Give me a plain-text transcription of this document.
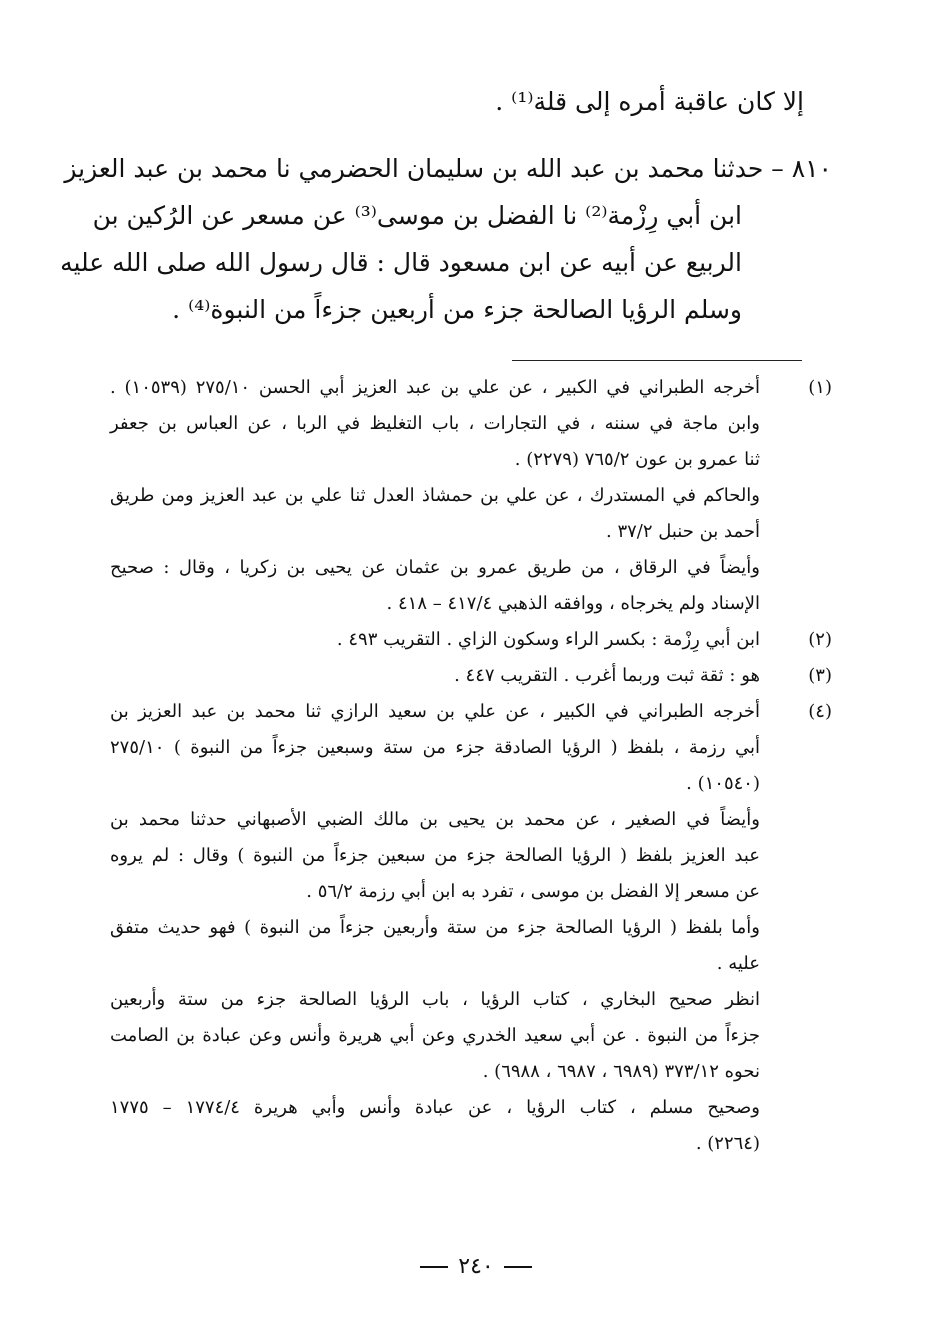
إلا كان عاقبة أمره إلى قلة⁽¹⁾ .
٨١٠ – حدثنا محمد بن عبد الله بن سليمان الحضرمي نا محمد بن عبد العزيز
ابن أبي رِزْمة⁽²⁾ نا الفضل بن موسى⁽³⁾ عن مسعر عن الرُكين بن
الربيع عن أبيه عن ابن مسعود قال : قال رسول الله صلى الله عليه
وسلم الرؤيا الصالحة جزء من أربعين جزءاً من النبوة⁽⁴⁾ .
(١)
أخرجه الطبراني في الكبير ، عن علي بن عبد العزيز أبي الحسن ٢٧٥/١٠ (١٠٥٣٩) .
وابن ماجة في سننه ، في التجارات ، باب التغليظ في الربا ، عن العباس بن جعفر
ثنا عمرو بن عون ٧٦٥/٢ (٢٢٧٩) .
والحاكم في المستدرك ، عن علي بن حمشاذ العدل ثنا علي بن عبد العزيز ومن طريق
أحمد بن حنبل ٣٧/٢ .
وأيضاً في الرقاق ، من طريق عمرو بن عثمان عن يحيى بن زكريا ، وقال : صحيح
الإسناد ولم يخرجاه ، ووافقه الذهبي ٤١٧/٤ – ٤١٨ .
(٢)
ابن أبي رِزْمة : بكسر الراء وسكون الزاي . التقريب ٤٩٣ .
(٣)
هو : ثقة ثبت وربما أغرب . التقريب ٤٤٧ .
(٤)
أخرجه الطبراني في الكبير ، عن علي بن سعيد الرازي ثنا محمد بن عبد العزيز بن
أبي رزمة ، بلفظ ( الرؤيا الصادقة جزء من ستة وسبعين جزءاً من النبوة ) ٢٧٥/١٠
(١٠٥٤٠) .
وأيضاً في الصغير ، عن محمد بن يحيى بن مالك الضبي الأصبهاني حدثنا محمد بن
عبد العزيز بلفظ ( الرؤيا الصالحة جزء من سبعين جزءاً من النبوة ) وقال : لم يروه
عن مسعر إلا الفضل بن موسى ، تفرد به ابن أبي رزمة ٥٦/٢ .
وأما بلفظ ( الرؤيا الصالحة جزء من ستة وأربعين جزءاً من النبوة ) فهو حديث متفق
عليه .
انظر صحيح البخاري ، كتاب الرؤيا ، باب الرؤيا الصالحة جزء من ستة وأربعين
جزءاً من النبوة . عن أبي سعيد الخدري وعن أبي هريرة وأنس وعن عبادة بن الصامت
نحوه ٣٧٣/١٢ (٦٩٨٩ ، ٦٩٨٧ ، ٦٩٨٨) .
وصحيح مسلم ، كتاب الرؤيا ، عن عبادة وأنس وأبي هريرة ١٧٧٤/٤ – ١٧٧٥
(٢٢٦٤) .
٢٤٠
